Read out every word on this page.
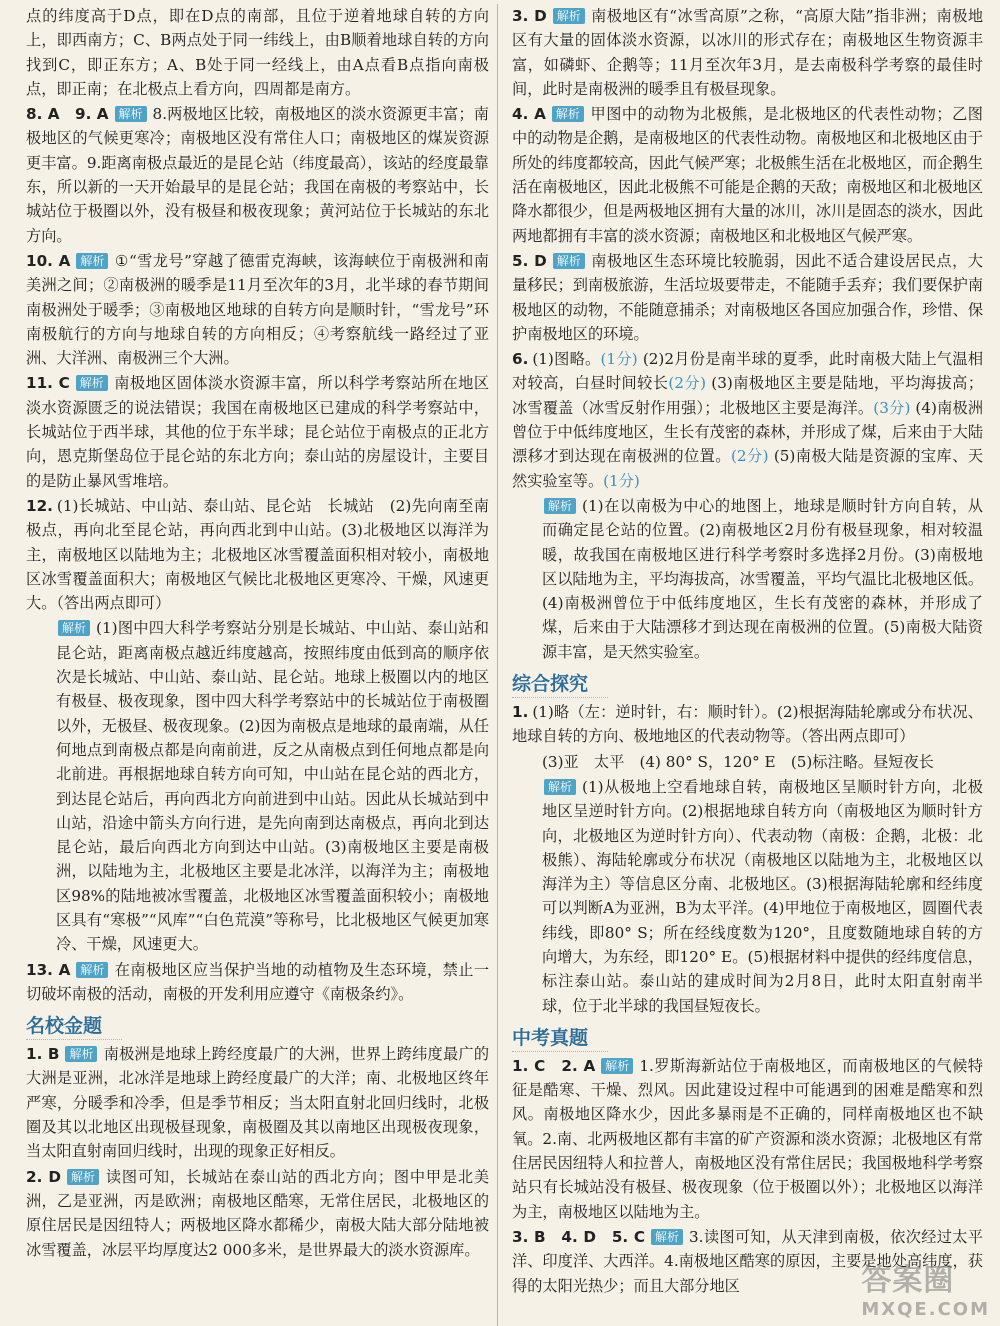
点的纬度高于D点，即在D点的南部，且位于逆着地球自转的方向上，即西南方；C、B两点处于同一纬线上，由B顺着地球自转的方向找到C，即正东方；A、B处于同一经线上，由A点看B点指向南极点，即正南；在北极点上看方向，四周都是南方。

8. A　9. A 解析 8.两极地区比较，南极地区的淡水资源更丰富；南极地区的气候更寒冷；南极地区没有常住人口；南极地区的煤炭资源更丰富。9.距离南极点最近的是昆仑站（纬度最高），该站的经度最靠东，所以新的一天开始最早的是昆仑站；我国在南极的考察站中，长城站位于极圈以外，没有极昼和极夜现象；黄河站位于长城站的东北方向。

10. A 解析 ①“雪龙号”穿越了德雷克海峡，该海峡位于南极洲和南美洲之间；②南极洲的暖季是11月至次年的3月，北半球的春节期间南极洲处于暖季；③南极地区地球的自转方向是顺时针，“雪龙号”环南极航行的方向与地球自转的方向相反；④考察航线一路经过了亚洲、大洋洲、南极洲三个大洲。

11. C 解析 南极地区固体淡水资源丰富，所以科学考察站所在地区淡水资源匮乏的说法错误；我国在南极地区已建成的科学考察站中，长城站位于西半球，其他的位于东半球；昆仑站位于南极点的正北方向，恩克斯堡岛位于昆仑站的东北方向；泰山站的房屋设计，主要目的是防止暴风雪堆培。

12. (1)长城站、中山站、泰山站、昆仑站　长城站　(2)先向南至南极点，再向北至昆仑站，再向西北到中山站。(3)北极地区以海洋为主，南极地区以陆地为主；北极地区冰雪覆盖面积相对较小，南极地区冰雪覆盖面积大；南极地区气候比北极地区更寒冷、干燥，风速更大。（答出两点即可）

解析 (1)图中四大科学考察站分别是长城站、中山站、泰山站和昆仑站，距离南极点越近纬度越高，按照纬度由低到高的顺序依次是长城站、中山站、泰山站、昆仑站。地球上极圈以内的地区有极昼、极夜现象，图中四大科学考察站中的长城站位于南极圈以外，无极昼、极夜现象。(2)因为南极点是地球的最南端，从任何地点到南极点都是向南前进，反之从南极点到任何地点都是向北前进。再根据地球自转方向可知，中山站在昆仑站的西北方，到达昆仑站后，再向西北方向前进到中山站。因此从长城站到中山站，沿途中箭头方向行进，是先向南到达南极点，再向北到达昆仑站，最后向西北方向到达中山站。(3)南极地区主要是南极洲，以陆地为主，北极地区主要是北冰洋，以海洋为主；南极地区98%的陆地被冰雪覆盖，北极地区冰雪覆盖面积较小；南极地区具有“寒极”“风库”“白色荒漠”等称号，比北极地区气候更加寒冷、干燥，风速更大。

13. A 解析 在南极地区应当保护当地的动植物及生态环境，禁止一切破坏南极的活动，南极的开发利用应遵守《南极条约》。

名校金题

1. B 解析 南极洲是地球上跨经度最广的大洲，世界上跨纬度最广的大洲是亚洲，北冰洋是地球上跨经度最广的大洋；南、北极地区终年严寒，分暖季和冷季，但是季节相反；当太阳直射北回归线时，北极圈及其以北地区出现极昼现象，南极圈及其以南地区出现极夜现象，当太阳直射南回归线时，出现的现象正好相反。

2. D 解析 读图可知，长城站在泰山站的西北方向；图中甲是北美洲，乙是亚洲，丙是欧洲；南极地区酷寒，无常住居民，北极地区的原住居民是因纽特人；两极地区降水都稀少，南极大陆大部分陆地被冰雪覆盖，冰层平均厚度达2 000多米，是世界最大的淡水资源库。

3. D 解析 南极地区有“冰雪高原”之称，“高原大陆”指非洲；南极地区有大量的固体淡水资源，以冰川的形式存在；南极地区生物资源丰富，如磷虾、企鹅等；11月至次年3月，是去南极科学考察的最佳时间，此时是南极洲的暖季且有极昼现象。

4. A 解析 甲图中的动物为北极熊，是北极地区的代表性动物；乙图中的动物是企鹅，是南极地区的代表性动物。南极地区和北极地区由于所处的纬度都较高，因此气候严寒；北极熊生活在北极地区，而企鹅生活在南极地区，因此北极熊不可能是企鹅的天敌；南极地区和北极地区降水都很少，但是两极地区拥有大量的冰川，冰川是固态的淡水，因此两地都拥有丰富的淡水资源；南极地区和北极地区气候严寒。

5. D 解析 南极地区生态环境比较脆弱，因此不适合建设居民点，大量移民；到南极旅游，生活垃圾要带走，不能随手丢弃；我们要保护南极地区的动物，不能随意捕杀；对南极地区各国应加强合作，珍惜、保护南极地区的环境。

6. (1)图略。(1分) (2)2月份是南半球的夏季，此时南极大陆上气温相对较高，白昼时间较长(2分) (3)南极地区主要是陆地，平均海拔高；冰雪覆盖（冰雪反射作用强）；北极地区主要是海洋。(3分) (4)南极洲曾位于中低纬度地区，生长有茂密的森林，并形成了煤，后来由于大陆漂移才到达现在南极洲的位置。(2分) (5)南极大陆是资源的宝库、天然实验室等。(1分)

解析 (1)在以南极为中心的地图上，地球是顺时针方向自转，从而确定昆仑站的位置。(2)南极地区2月份有极昼现象，相对较温暖，故我国在南极地区进行科学考察时多选择2月份。(3)南极地区以陆地为主，平均海拔高，冰雪覆盖，平均气温比北极地区低。(4)南极洲曾位于中低纬度地区，生长有茂密的森林，并形成了煤，后来由于大陆漂移才到达现在南极洲的位置。(5)南极大陆资源丰富，是天然实验室。

综合探究

1. (1)略（左：逆时针，右：顺时针）。(2)根据海陆轮廓或分布状况、地球自转的方向、极地地区的代表动物等。（答出两点即可）

(3)亚　太平　(4) 80° S，120° E　(5)标注略。昼短夜长

解析 (1)从极地上空看地球自转，南极地区呈顺时针方向，北极地区呈逆时针方向。(2)根据地球自转方向（南极地区为顺时针方向，北极地区为逆时针方向）、代表动物（南极：企鹅，北极：北极熊）、海陆轮廓或分布状况（南极地区以陆地为主，北极地区以海洋为主）等信息区分南、北极地区。(3)根据海陆轮廓和经纬度可以判断A为亚洲，B为太平洋。(4)甲地位于南极地区，圆圈代表纬线，即80° S；所在经线度数为120°，且度数随地球自转的方向增大，为东经，即120° E。(5)根据材料中提供的经纬度信息，标注泰山站。泰山站的建成时间为2月8日，此时太阳直射南半球，位于北半球的我国昼短夜长。

中考真题

1. C　2. A 解析 1.罗斯海新站位于南极地区，而南极地区的气候特征是酷寒、干燥、烈风。因此建设过程中可能遇到的困难是酷寒和烈风。南极地区降水少，因此多暴雨是不正确的，同样南极地区也不缺氧。2.南、北两极地区都有丰富的矿产资源和淡水资源；北极地区有常住居民因纽特人和拉普人，南极地区没有常住居民；我国极地科学考察站只有长城站没有极昼、极夜现象（位于极圈以外）；北极地区以海洋为主，南极地区以陆地为主。

3. B　4. D　5. C 解析 3.读图可知，从天津到南极，依次经过太平洋、印度洋、大西洋。4.南极地区酷寒的原因，主要是地处高纬度，获得的太阳光热少；而且大部分地区	答案圈
MXQE.COM
